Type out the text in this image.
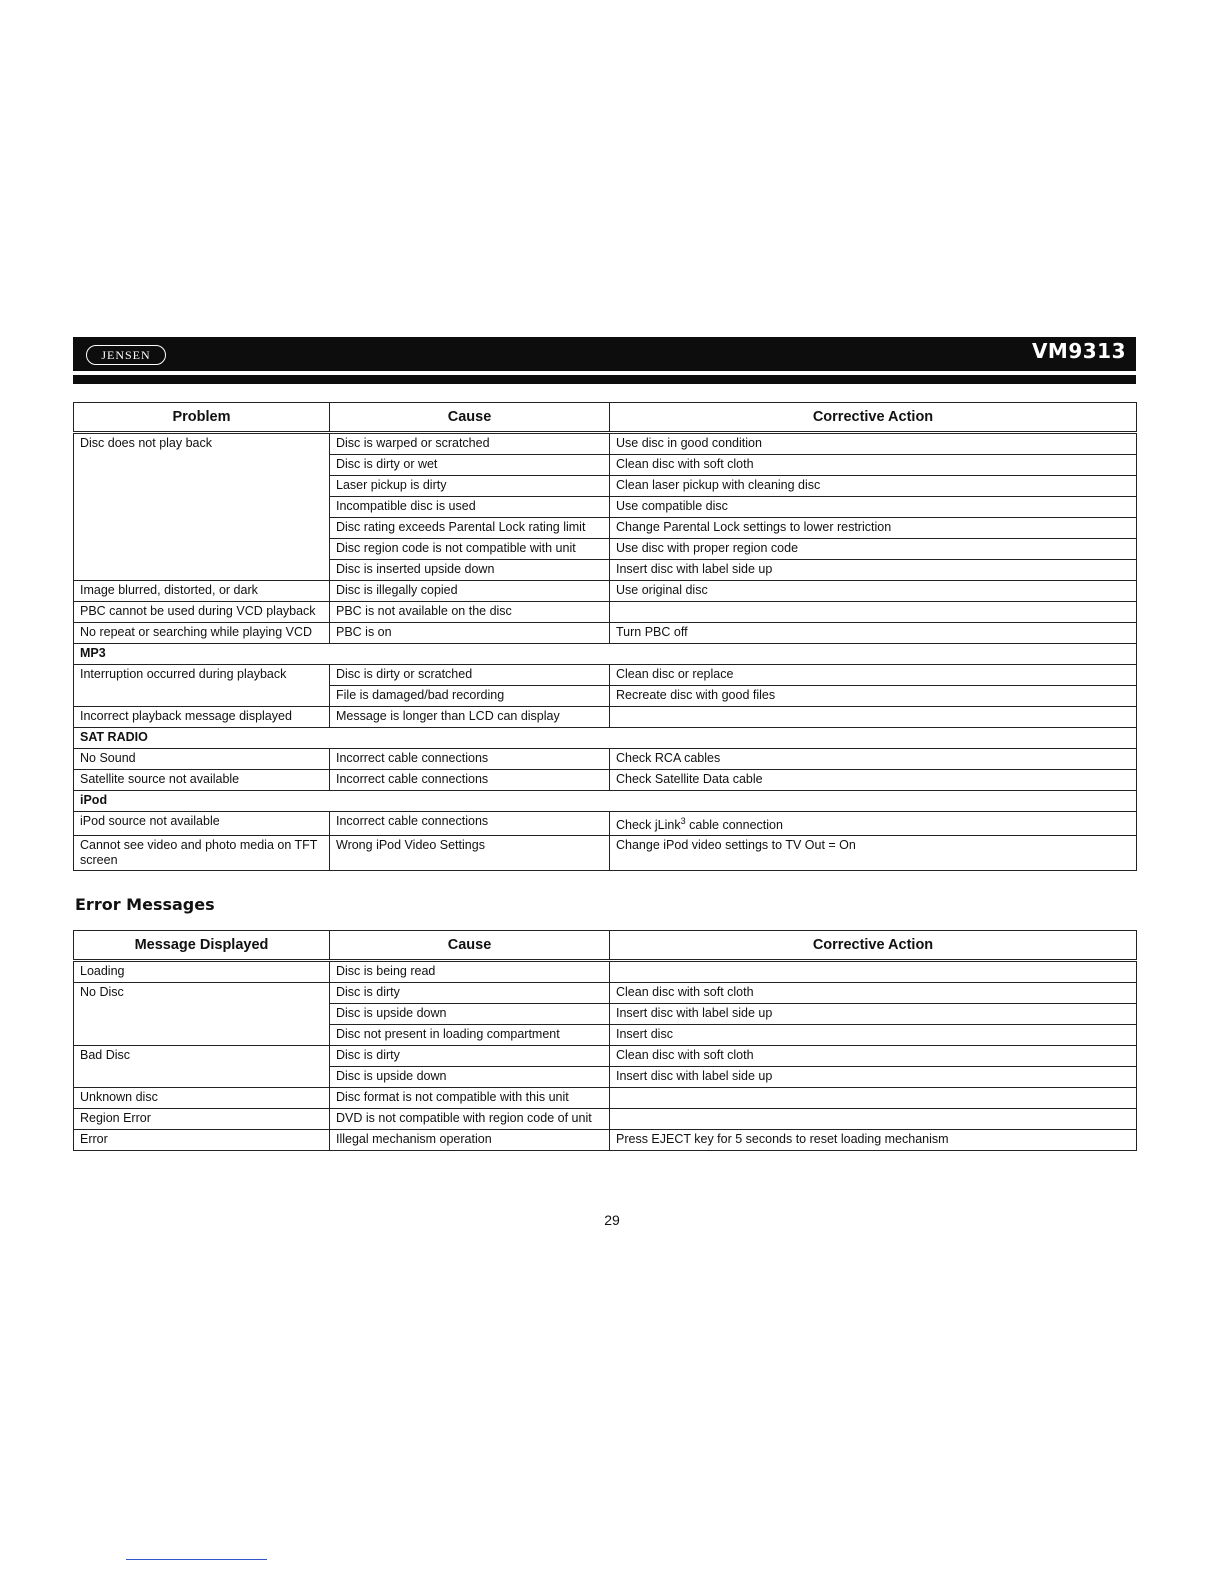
JENSEN	VM9313
Problem	Cause	Corrective Action
Disc does not play back	Disc is warped or scratched	Use disc in good condition
	Disc is dirty or wet	Clean disc with soft cloth
	Laser pickup is dirty	Clean laser pickup with cleaning disc
	Incompatible disc is used	Use compatible disc
	Disc rating exceeds Parental Lock rating limit	Change Parental Lock settings to lower restriction
	Disc region code is not compatible with unit	Use disc with proper region code
	Disc is inserted upside down	Insert disc with label side up
Image blurred, distorted, or dark	Disc is illegally copied	Use original disc
PBC cannot be used during VCD playback	PBC is not available on the disc	
No repeat or searching while playing VCD	PBC is on	Turn PBC off
MP3		
Interruption occurred during playback	Disc is dirty or scratched	Clean disc or replace
	File is damaged/bad recording	Recreate disc with good files
Incorrect playback message displayed	Message is longer than LCD can display	
SAT RADIO		
No Sound	Incorrect cable connections	Check RCA cables
Satellite source not available	Incorrect cable connections	Check Satellite Data cable
iPod		
iPod source not available	Incorrect cable connections	Check jLink$^3$ cable connection
Cannot see video and photo media on TFT screen	Wrong iPod Video Settings	Change iPod video settings to TV Out = On
Error Messages
Message Displayed	Cause	Corrective Action
Loading	Disc is being read	
No Disc	Disc is dirty	Clean disc with soft cloth
	Disc is upside down	Insert disc with label side up
	Disc not present in loading compartment	Insert disc
Bad Disc	Disc is dirty	Clean disc with soft cloth
	Disc is upside down	Insert disc with label side up
Unknown disc	Disc format is not compatible with this unit	
Region Error	DVD is not compatible with region code of unit	
Error	Illegal mechanism operation	Press EJECT key for 5 seconds to reset loading mechanism
29
